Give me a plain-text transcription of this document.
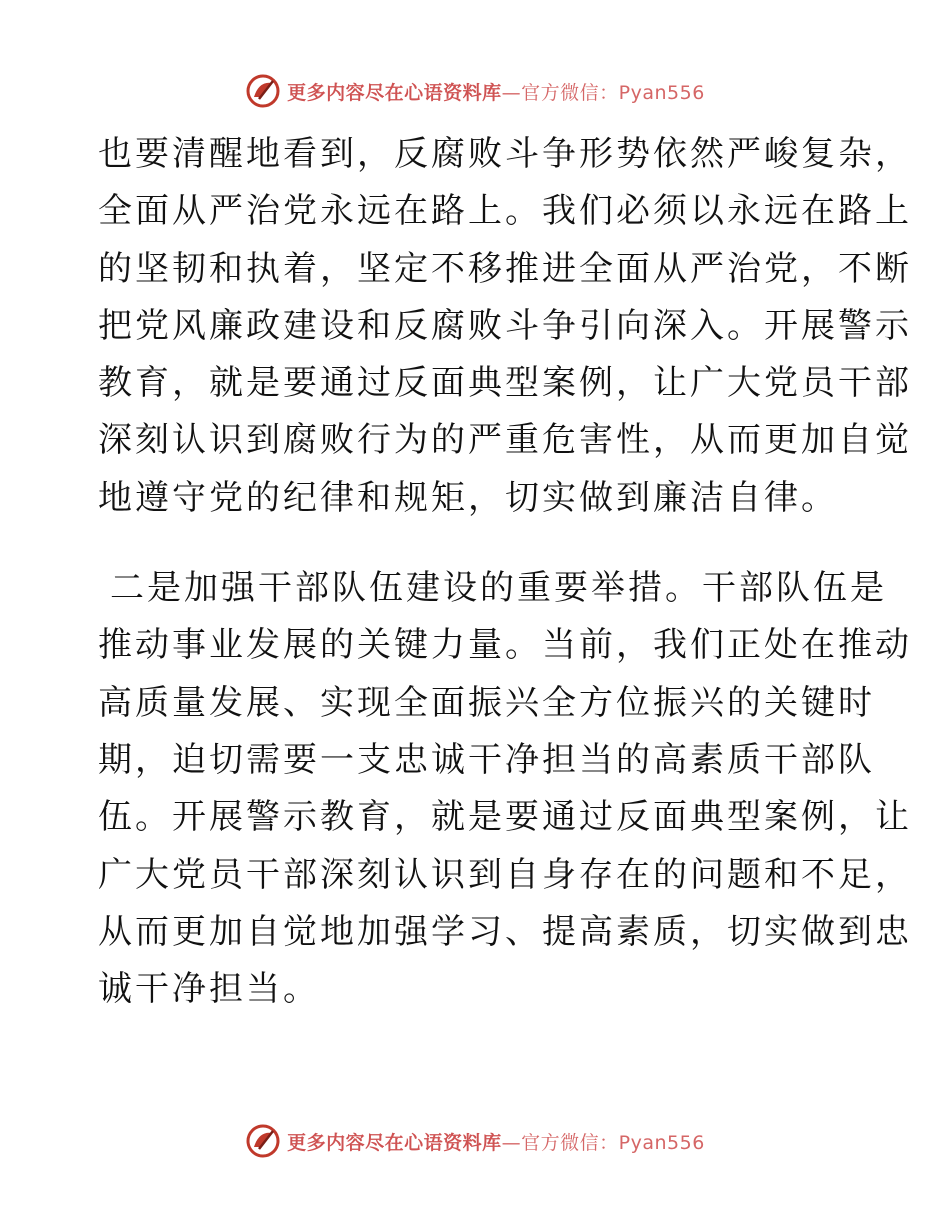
更多内容尽在心语资料库—官方微信：Pyan556

也要清醒地看到，反腐败斗争形势依然严峻复杂，
全面从严治党永远在路上。我们必须以永远在路上
的坚韧和执着，坚定不移推进全面从严治党，不断
把党风廉政建设和反腐败斗争引向深入。开展警示
教育，就是要通过反面典型案例，让广大党员干部
深刻认识到腐败行为的严重危害性，从而更加自觉
地遵守党的纪律和规矩，切实做到廉洁自律。

二是加强干部队伍建设的重要举措。干部队伍是
推动事业发展的关键力量。当前，我们正处在推动
高质量发展、实现全面振兴全方位振兴的关键时
期，迫切需要一支忠诚干净担当的高素质干部队
伍。开展警示教育，就是要通过反面典型案例，让
广大党员干部深刻认识到自身存在的问题和不足，
从而更加自觉地加强学习、提高素质，切实做到忠
诚干净担当。

更多内容尽在心语资料库—官方微信：Pyan556
